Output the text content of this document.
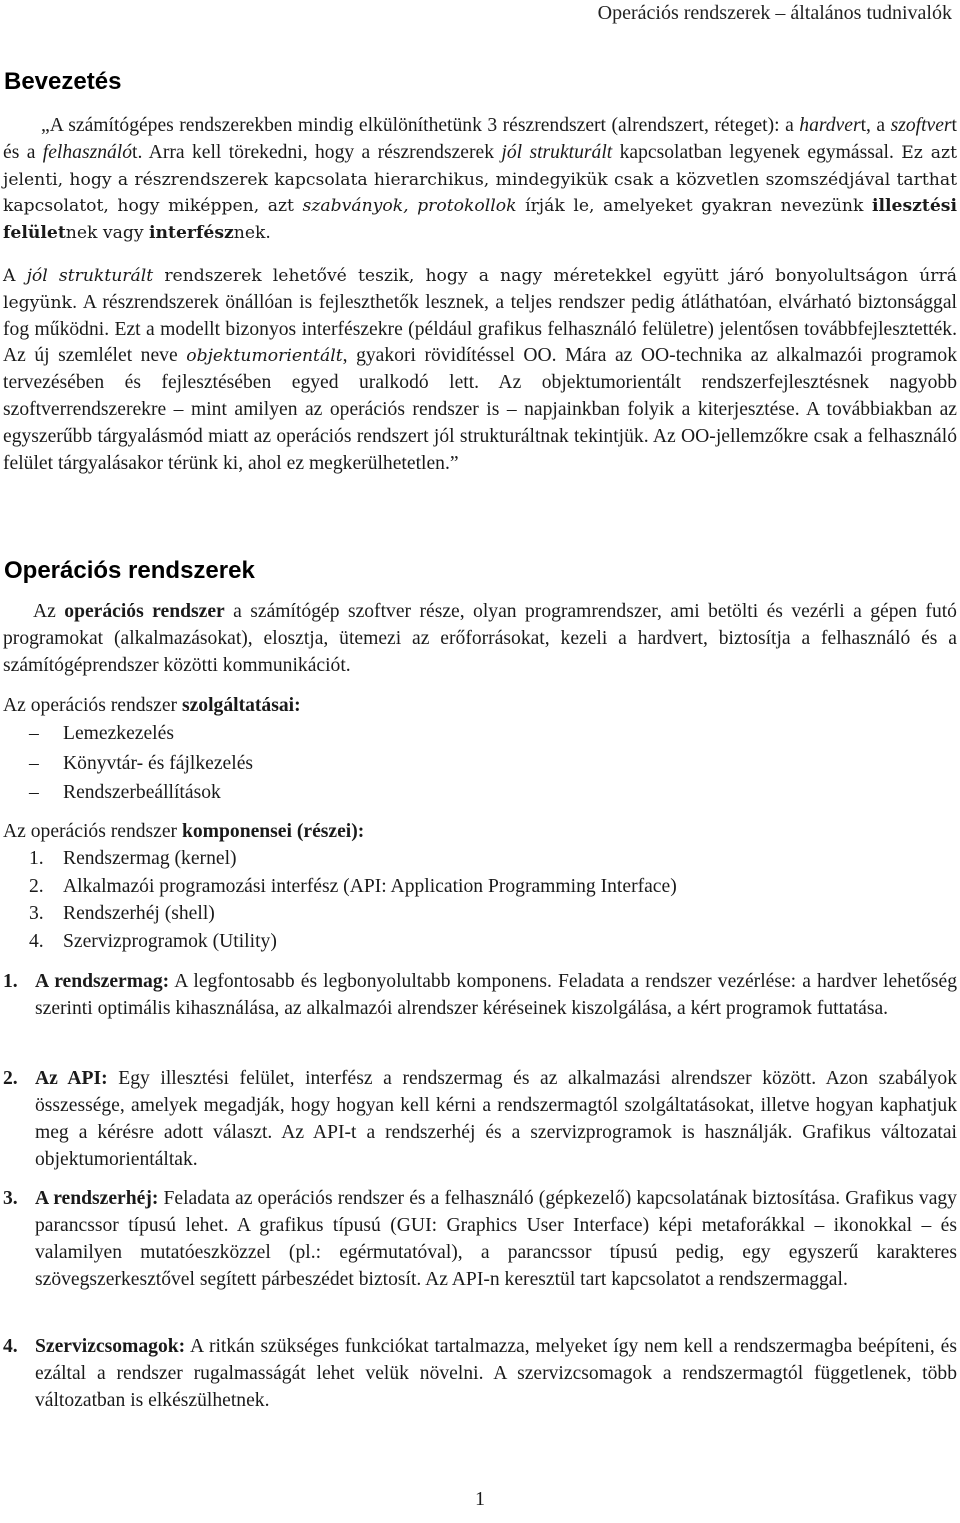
Operációs rendszerek – általános tudnivalók
Bevezetés

„A számítógépes rendszerekben mindig elkülöníthetünk 3 részrendszert (alrendszert, réteget): a hardvert, a szoftvert és a felhasználót. Arra kell törekedni, hogy a részrendszerek jól strukturált kapcsolatban legyenek egymással. Ez azt jelenti, hogy a részrendszerek kapcsolata hierarchikus, mindegyikük csak a közvetlen szomszédjával tarthat kapcsolatot, hogy miképpen, azt szabványok, protokollok írják le, amelyeket gyakran nevezünk illesztési felületnek vagy interfésznek.

A jól strukturált rendszerek lehetővé teszik, hogy a nagy méretekkel együtt járó bonyolultságon úrrá legyünk. A részrendszerek önállóan is fejleszthetők lesznek, a teljes rendszer pedig átláthatóan, elvárható biztonsággal fog működni. Ezt a modellt bizonyos interfészekre (például grafikus felhasználó felületre) jelentősen továbbfejlesztették. Az új szemlélet neve objektumorientált, gyakori rövidítéssel OO. Mára az OO-technika az alkalmazói programok tervezésében és fejlesztésében egyed uralkodó lett. Az objektumorientált rendszerfejlesztésnek nagyobb szoftverrendszerekre – mint amilyen az operációs rendszer is – napjainkban folyik a kiterjesztése. A továbbiakban az egyszerűbb tárgyalásmód miatt az operációs rendszert jól strukturáltnak tekintjük. Az OO-jellemzőkre csak a felhasználó felület tárgyalásakor térünk ki, ahol ez megkerülhetetlen.”

Operációs rendszerek

Az operációs rendszer a számítógép szoftver része, olyan programrendszer, ami betölti és vezérli a gépen futó programokat (alkalmazásokat), elosztja, ütemezi az erőforrásokat, kezeli a hardvert, biztosítja a felhasználó és a számítógéprendszer közötti kommunikációt.

Az operációs rendszer szolgáltatásai:
– Lemezkezelés
– Könyvtár- és fájlkezelés
– Rendszerbeállítások
Az operációs rendszer komponensei (részei):
1. Rendszermag (kernel)
2. Alkalmazói programozási interfész (API: Application Programming Interface)
3. Rendszerhéj (shell)
4. Szervizprogramok (Utility)
1. A rendszermag: A legfontosabb és legbonyolultabb komponens. Feladata a rendszer vezérlése: a hardver lehetőség szerinti optimális kihasználása, az alkalmazói alrendszer kéréseinek kiszolgálása, a kért programok futtatása.
2. Az API: Egy illesztési felület, interfész a rendszermag és az alkalmazási alrendszer között. Azon szabályok összessége, amelyek megadják, hogy hogyan kell kérni a rendszermagtól szolgáltatásokat, illetve hogyan kaphatjuk meg a kérésre adott választ. Az API-t a rendszerhéj és a szervizprogramok is használják. Grafikus változatai objektumorientáltak.
3. A rendszerhéj: Feladata az operációs rendszer és a felhasználó (gépkezelő) kapcsolatának biztosítása. Grafikus vagy parancssor típusú lehet. A grafikus típusú (GUI: Graphics User Interface) képi metaforákkal – ikonokkal – és valamilyen mutatóeszközzel (pl.: egérmutatóval), a parancssor típusú pedig, egy egyszerű karakteres szövegszerkesztővel segített párbeszédet biztosít. Az API-n keresztül tart kapcsolatot a rendszermaggal.
4. Szervizcsomagok: A ritkán szükséges funkciókat tartalmazza, melyeket így nem kell a rendszermagba beépíteni, és ezáltal a rendszer rugalmasságát lehet velük növelni. A szervizcsomagok a rendszermagtól függetlenek, több változatban is elkészülhetnek.
1
